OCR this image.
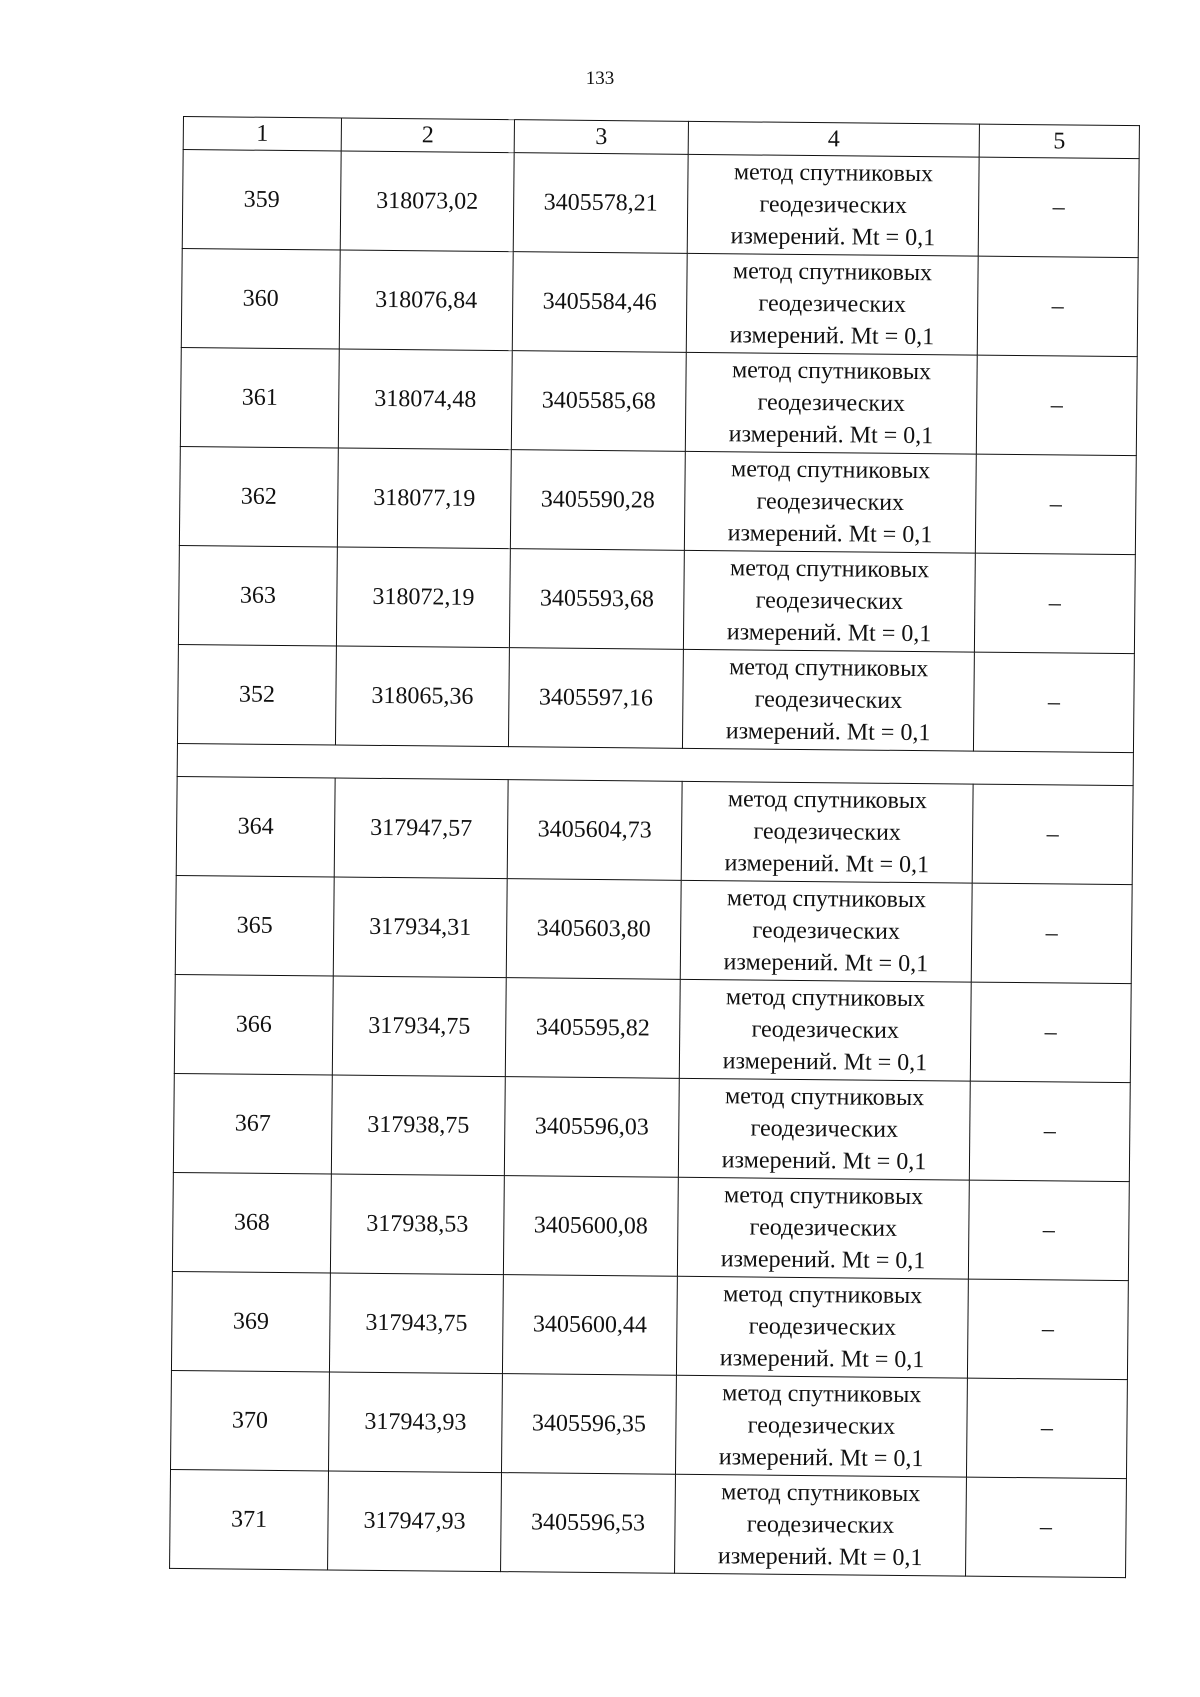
133
1	2	3	4	5
359	318073,02	3405578,21	метод спутниковых
геодезических
измерений. Mt = 0,1	–
360	318076,84	3405584,46	метод спутниковых
геодезических
измерений. Mt = 0,1	–
361	318074,48	3405585,68	метод спутниковых
геодезических
измерений. Mt = 0,1	–
362	318077,19	3405590,28	метод спутниковых
геодезических
измерений. Mt = 0,1	–
363	318072,19	3405593,68	метод спутниковых
геодезических
измерений. Mt = 0,1	–
352	318065,36	3405597,16	метод спутниковых
геодезических
измерений. Mt = 0,1	–

364	317947,57	3405604,73	метод спутниковых
геодезических
измерений. Mt = 0,1	–
365	317934,31	3405603,80	метод спутниковых
геодезических
измерений. Mt = 0,1	–
366	317934,75	3405595,82	метод спутниковых
геодезических
измерений. Mt = 0,1	–
367	317938,75	3405596,03	метод спутниковых
геодезических
измерений. Mt = 0,1	–
368	317938,53	3405600,08	метод спутниковых
геодезических
измерений. Mt = 0,1	–
369	317943,75	3405600,44	метод спутниковых
геодезических
измерений. Mt = 0,1	–
370	317943,93	3405596,35	метод спутниковых
геодезических
измерений. Mt = 0,1	–
371	317947,93	3405596,53	метод спутниковых
геодезических
измерений. Mt = 0,1	–
